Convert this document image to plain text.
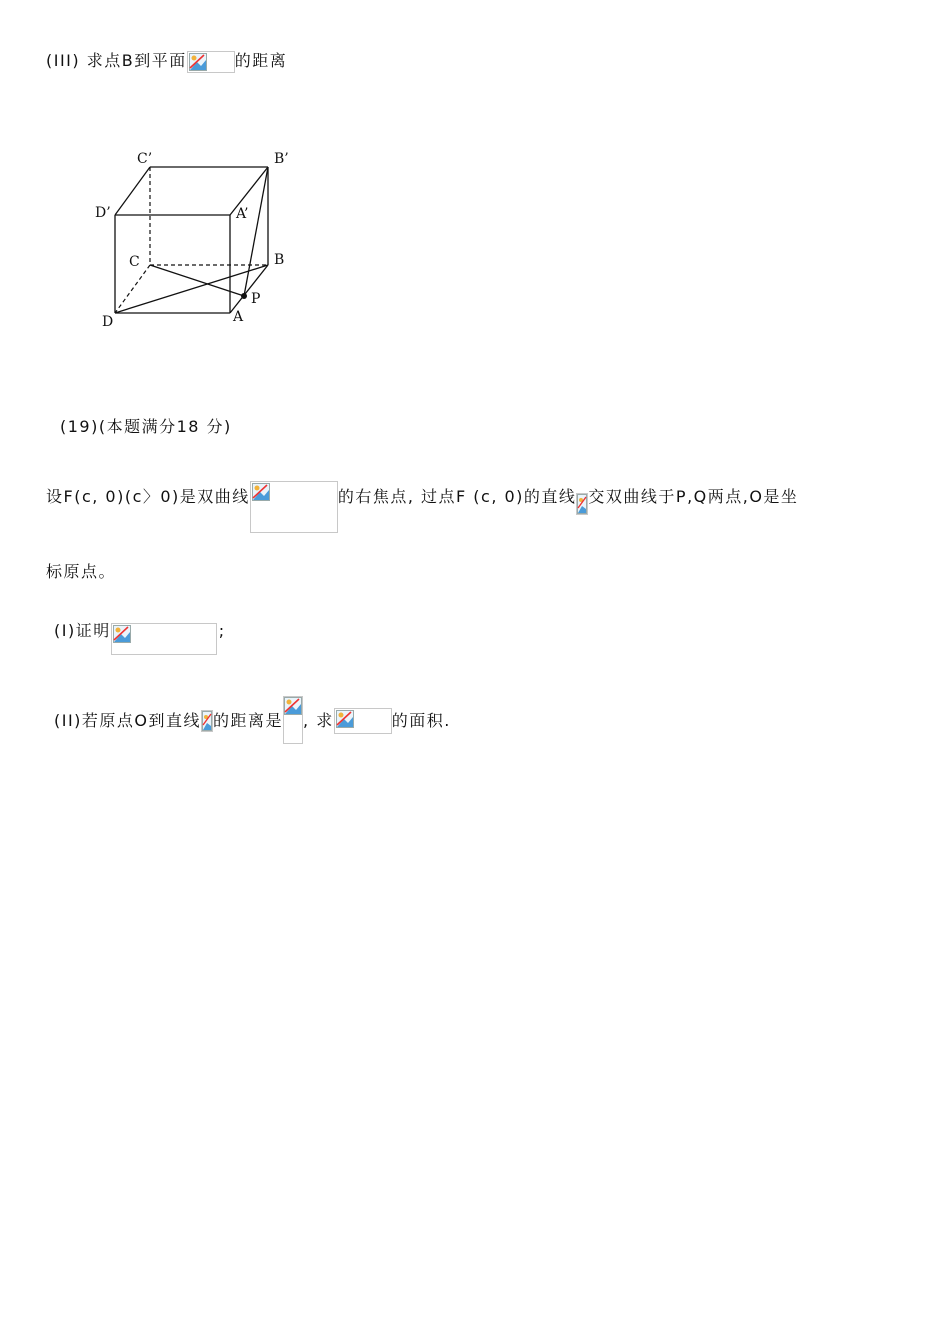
(III) 求点B到平面	的距离
C’	B’
D’	A’
C	B
P
D	A
(19)(本题满分18 分)
设F(c, 0)(c〉0)是双曲线	的右焦点, 过点F (c, 0)的直线 交双曲线于P,Q两点,O是坐
标原点。
(I)证明	;
(II)若原点O到直线 的距离是 , 求	的面积.
